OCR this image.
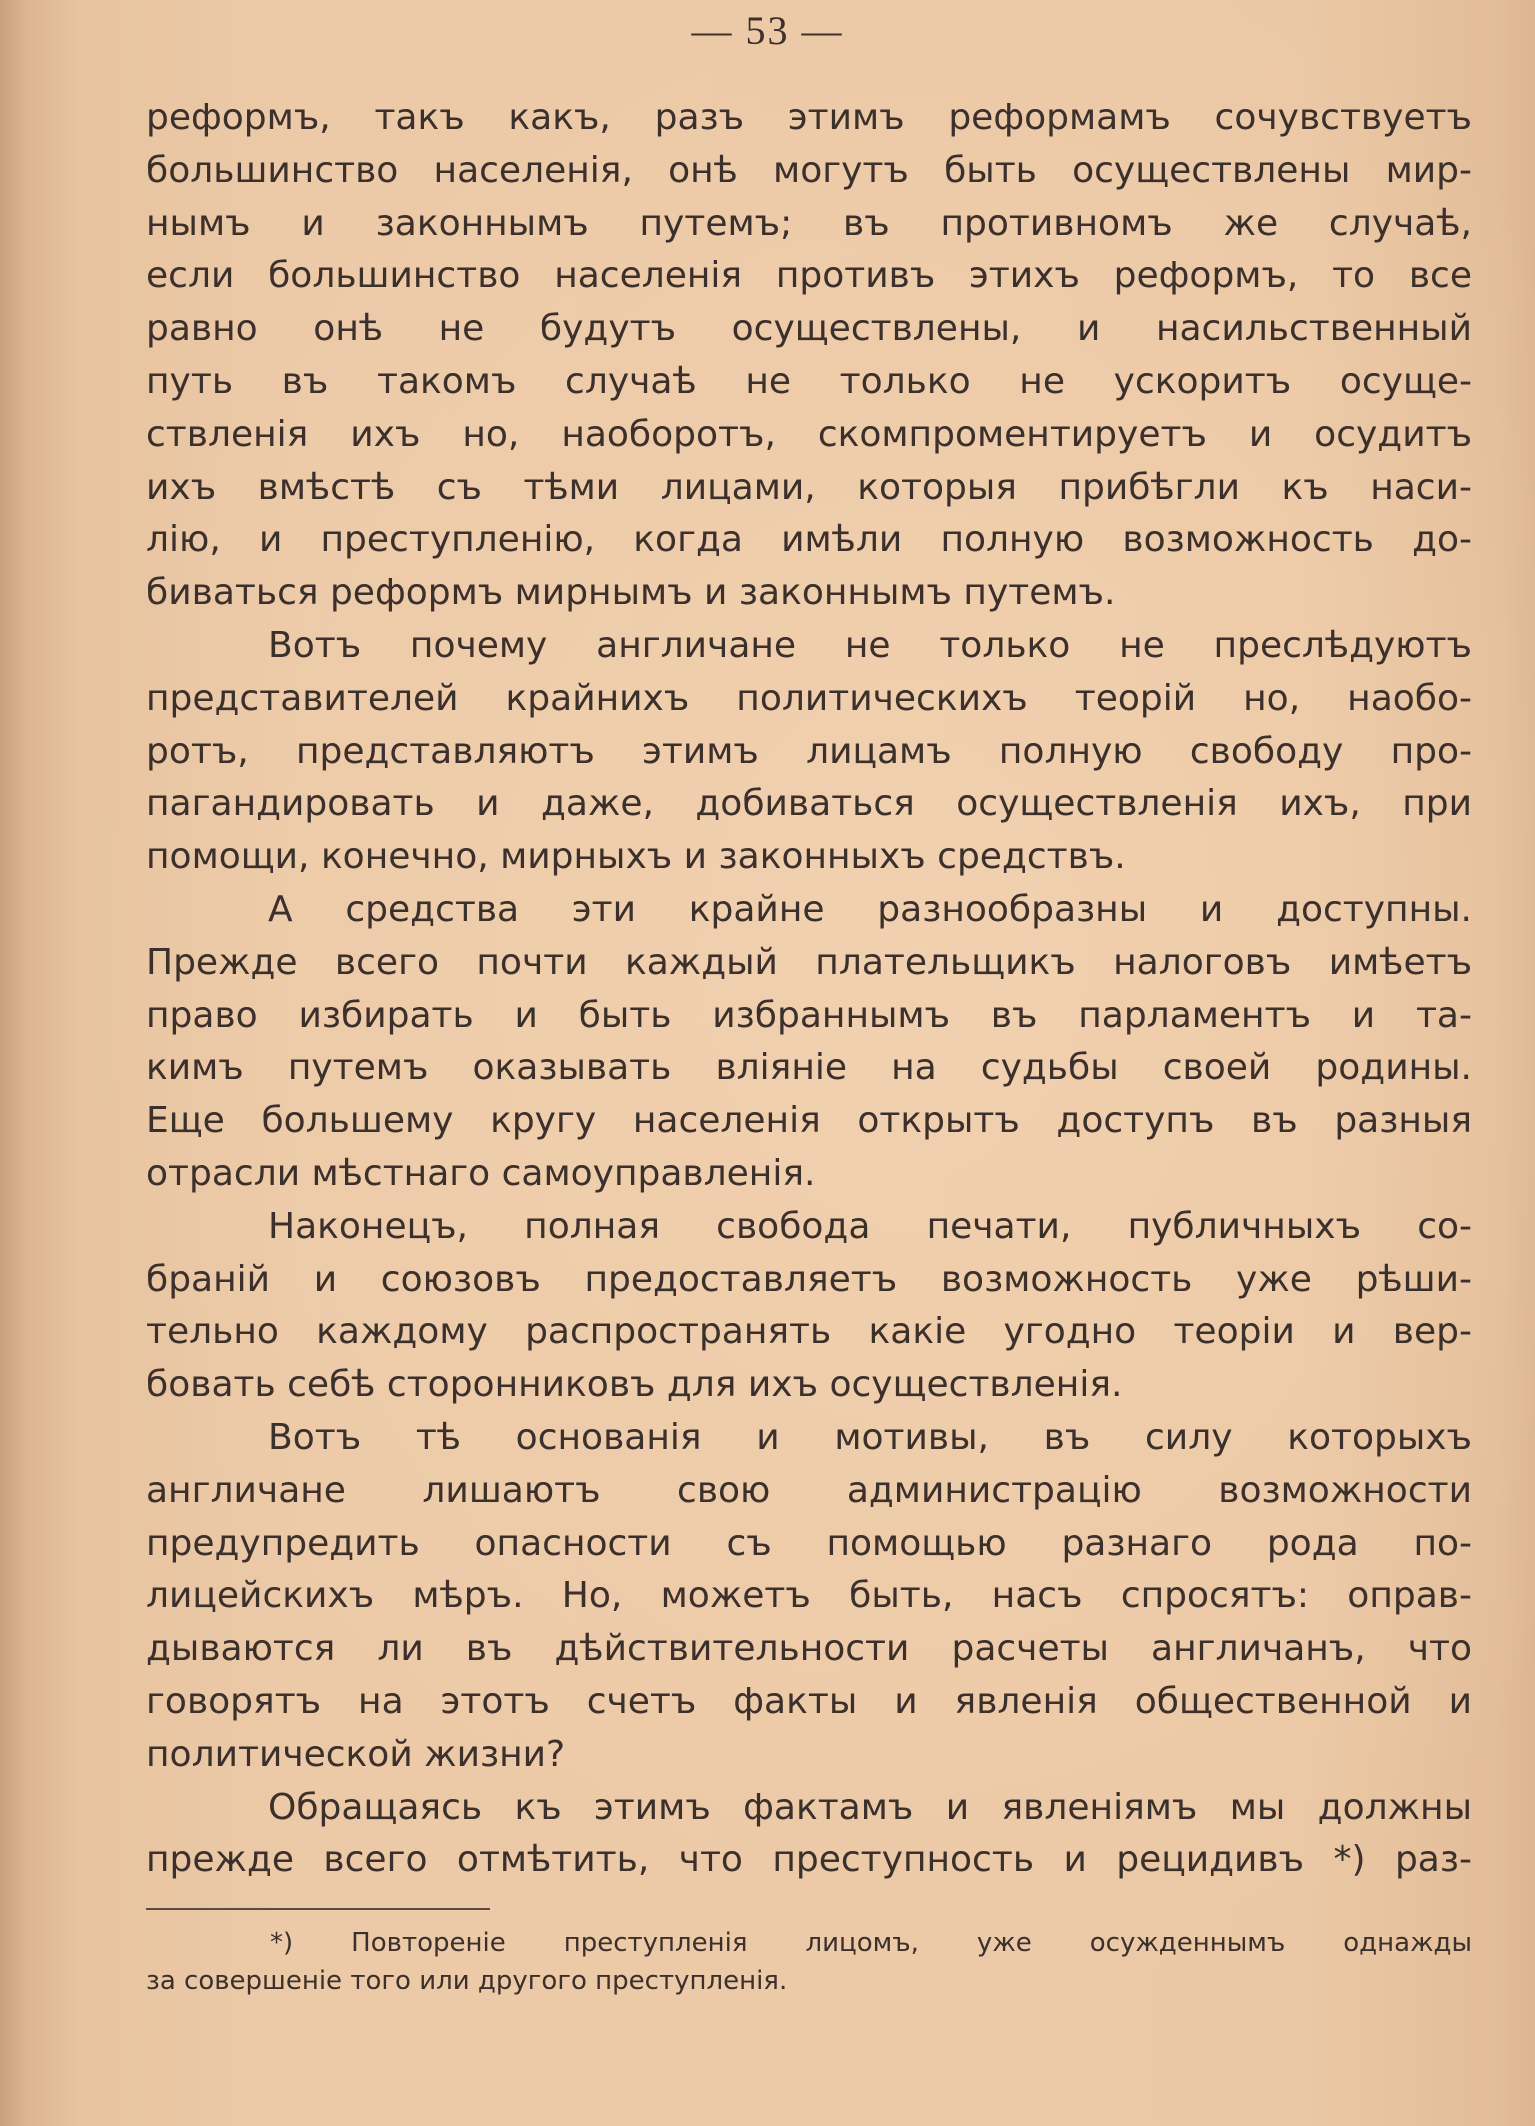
— 53 —
реформъ, такъ какъ, разъ этимъ реформамъ сочувствуетъ
большинство населенія, онѣ могутъ быть осуществлены мир-
нымъ и законнымъ путемъ; въ противномъ же случаѣ,
если большинство населенія противъ этихъ реформъ, то все
равно онѣ не будутъ осуществлены, и насильственный
путь въ такомъ случаѣ не только не ускоритъ осуще-
ствленія ихъ но, наоборотъ, скомпроментируетъ и осудитъ
ихъ вмѣстѣ съ тѣми лицами, которыя прибѣгли къ наси-
лію, и преступленію, когда имѣли полную возможность до-
биваться реформъ мирнымъ и законнымъ путемъ.
Вотъ почему англичане не только не преслѣдуютъ
представителей крайнихъ политическихъ теорій но, наобо-
ротъ, представляютъ этимъ лицамъ полную свободу про-
пагандировать и даже, добиваться осуществленія ихъ, при
помощи, конечно, мирныхъ и законныхъ средствъ.
А средства эти крайне разнообразны и доступны.
Прежде всего почти каждый плательщикъ налоговъ имѣетъ
право избирать и быть избраннымъ въ парламентъ и та-
кимъ путемъ оказывать вліяніе на судьбы своей родины.
Еще большему кругу населенія открытъ доступъ въ разныя
отрасли мѣстнаго самоуправленія.
Наконецъ, полная свобода печати, публичныхъ со-
браній и союзовъ предоставляетъ возможность уже рѣши-
тельно каждому распространять какіе угодно теоріи и вер-
бовать себѣ сторонниковъ для ихъ осуществленія.
Вотъ тѣ основанія и мотивы, въ силу которыхъ
англичане лишаютъ свою администрацію возможности
предупредить опасности съ помощью разнаго рода по-
лицейскихъ мѣръ. Но, можетъ быть, насъ спросятъ: оправ-
дываются ли въ дѣйствительности расчеты англичанъ, что
говорятъ на этотъ счетъ факты и явленія общественной и
политической жизни?
Обращаясь къ этимъ фактамъ и явленіямъ мы должны
прежде всего отмѣтить, что преступность и рецидивъ *) раз-
*) Повтореніе преступленія лицомъ, уже осужденнымъ однажды
за совершеніе того или другого преступленія.
